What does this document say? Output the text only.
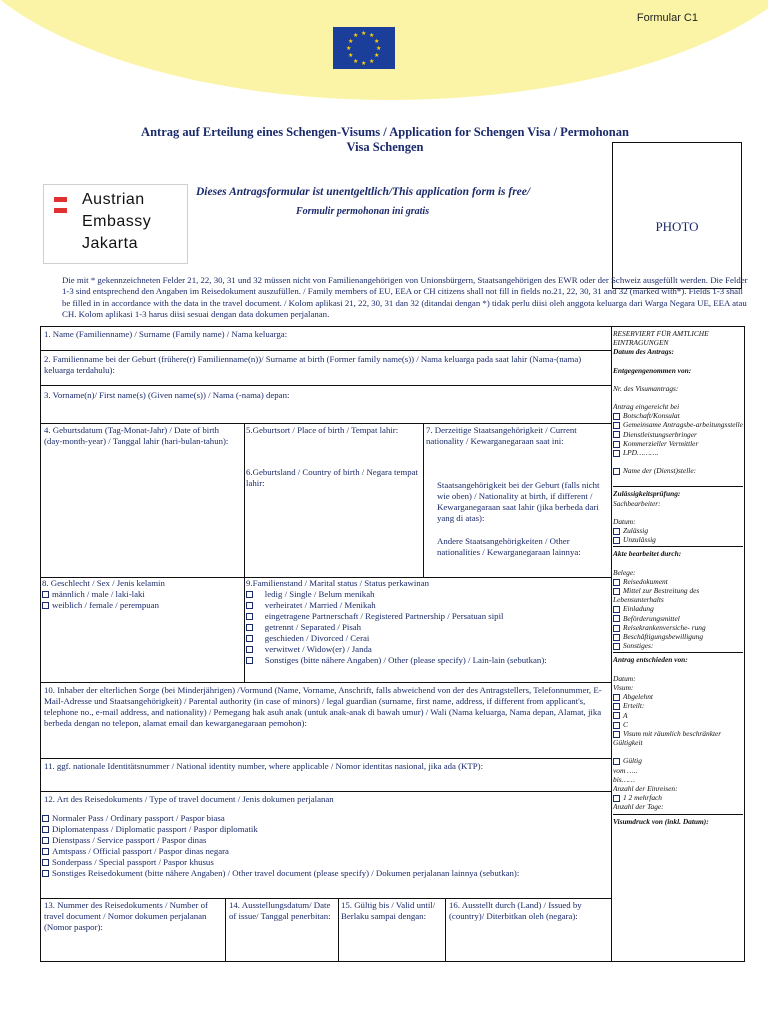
Formular C1
★ ★
★
★
★
★
★
★
★
★
★
★
Antrag auf Erteilung eines Schengen-Visums / Application for Schengen Visa / Permohonan Visa Schengen
Austrian
Embassy
Jakarta
Dieses Antragsformular ist unentgeltlich/This application form is free/
Formulir permohonan ini gratis
PHOTO
Die mit * gekennzeichneten Felder 21, 22, 30, 31 und 32 müssen nicht von Familienangehörigen von Unionsbürgern, Staatsangehörigen des EWR oder der Schweiz ausgefüllt werden. Die Felder 1-3 sind entsprechend den Angaben im Reisedokument auszufüllen. / Family members of EU, EEA or CH citizens shall not fill in fields no.21, 22, 30, 31 and 32 (marked with*). Fields 1-3 shall be filled in in accordance with the data in the travel document. / Kolom aplikasi 21, 22, 30, 31 dan 32 (ditandai dengan *) tidak perlu diisi oleh anggota keluarga dari Warga Negara UE, EEA atau CH. Kolom aplikasi 1-3 harus diisi sesuai dengan data dokumen perjalanan.
1. Name (Familienname) / Surname (Family name) / Nama keluarga:
2. Familienname bei der Geburt (frühere(r) Familienname(n))/ Surname at birth (Former family name(s)) / Nama keluarga pada saat lahir (Nama-(nama) keluarga terdahulu):
3. Vorname(n)/ First name(s) (Given name(s)) / Nama (-nama) depan:
4. Geburtsdatum (Tag-Monat-Jahr) / Date of birth (day-month-year) / Tanggal lahir (hari-bulan-tahun):
5.Geburtsort / Place of birth / Tempat lahir:
6.Geburtsland / Country of birth / Negara tempat lahir:
7. Derzeitige Staatsangehörigkeit / Current nationality / Kewarganegaraan saat ini:
Staatsangehörigkeit bei der Geburt (falls nicht wie oben) / Nationality at birth, if different / Kewarganegaraan saat lahir (jika berbeda dari yang di atas):
Andere Staatsangehörigkeiten / Other nationalities / Kewarganegaraan lainnya:
8. Geschlecht / Sex / Jenis kelamin
männlich / male / laki-laki
weiblich / female / perempuan
9.Familienstand / Marital status / Status perkawinan
ledig / Single / Belum menikah
verheiratet / Married / Menikah
eingetragene Partnerschaft / Registered Partnership / Persatuan sipil
getrennt / Separated / Pisah
geschieden / Divorced / Cerai
verwitwet / Widow(er) / Janda
Sonstiges (bitte nähere Angaben) / Other (please specify) / Lain-lain (sebutkan):
10. Inhaber der elterlichen Sorge (bei Minderjährigen) /Vormund (Name, Vorname, Anschrift, falls abweichend von der des Antragstellers, Telefonnummer, E-Mail-Adresse und Staatsangehörigkeit) / Parental authority (in case of minors) / legal guardian (surname, first name, address, if different from applicant's, telephone no., e-mail address, and nationality) / Pemegang hak asuh anak (untuk anak-anak di bawah umur) / Wali (Nama keluarga, Nama depan, Alamat, jika berbeda dengan no telepon, alamat email dan kewarganegaraan pemohon):
11. ggf. nationale Identitätsnummer / National identity number, where applicable / Nomor identitas nasional, jika ada (KTP):
12. Art des Reisedokuments / Type of travel document / Jenis dokumen perjalanan
Normaler Pass / Ordinary passport / Paspor biasa
Diplomatenpass / Diplomatic passport / Paspor diplomatik
Dienstpass / Service passport / Paspor dinas
Amtspass / Official passport / Paspor dinas negara
Sonderpass / Special passport / Paspor khusus
Sonstiges Reisedokument (bitte nähere Angaben) / Other travel document (please specify) / Dokumen perjalanan lainnya (sebutkan):
13. Nummer des Reisedokuments / Number of travel document / Nomor dokumen perjalanan (Nomor paspor):
14. Ausstellungsdatum/ Date of issue/ Tanggal penerbitan:
15. Gültig bis / Valid until/ Berlaku sampai dengan:
16. Ausstellt durch (Land) / Issued by (country)/ Diterbitkan oleh (negara):
RESERVIERT FÜR AMTLICHE EINTRAGUNGEN
Datum des Antrags:
Entgegengenommen von:
Nr. des Visumantrags:
Antrag eingereicht bei
Botschaft/Konsulat
Gemeinsame Antragsbe-arbeitungsstelle
Dienstleistungserbringer
Kommerzieller Vermittler
LPD……….
Name der (Dienst)stelle:
Zulässigkeitsprüfung:
Sachbearbeiter:
Datum:
Zulässig
Unzulässig
Akte bearbeitet durch:
Belege:
Reisedokument
Mittel zur Bestreitung des Lebensunterhalts
Einladung
Beförderungsmittel
Reisekrankenversiche- rung
Beschäftigungsbewilligung
Sonstiges:
Antrag entschieden von:
Datum:
Visum:
Abgelehnt
Erteilt:
A
C
Visum mit räumlich beschränkter Gültigkeit
Gültig
vom …..
bis……
Anzahl der Einreisen:
1 2 mehrfach
Anzahl der Tage:
Visumdruck von (inkl. Datum):
